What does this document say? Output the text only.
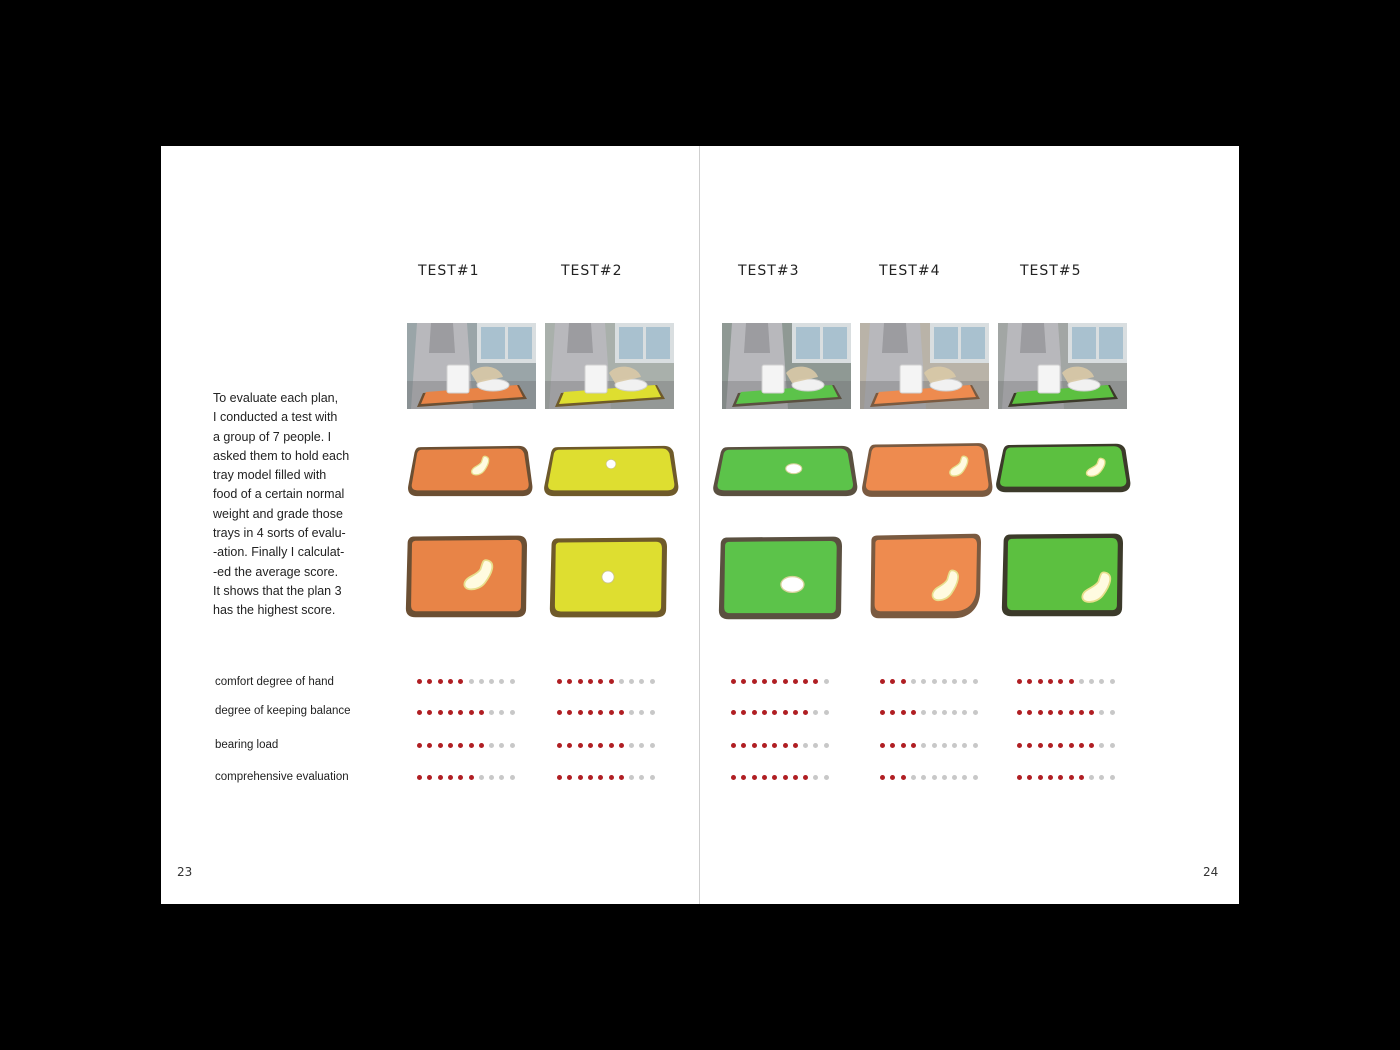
TEST#1	TEST#2	TEST#3	TEST#4	TEST#5
To evaluate each plan,
I conducted a test with
a group of 7 people. I
asked them to hold each
tray model filled with
food of a certain normal
weight and grade those
trays in 4 sorts of evalu-
-ation. Finally I calculat-
-ed the average score.
It shows that the plan 3
has the highest score.
comfort degree of hand
degree of keeping balance
bearing load
comprehensive evaluation
23	24
